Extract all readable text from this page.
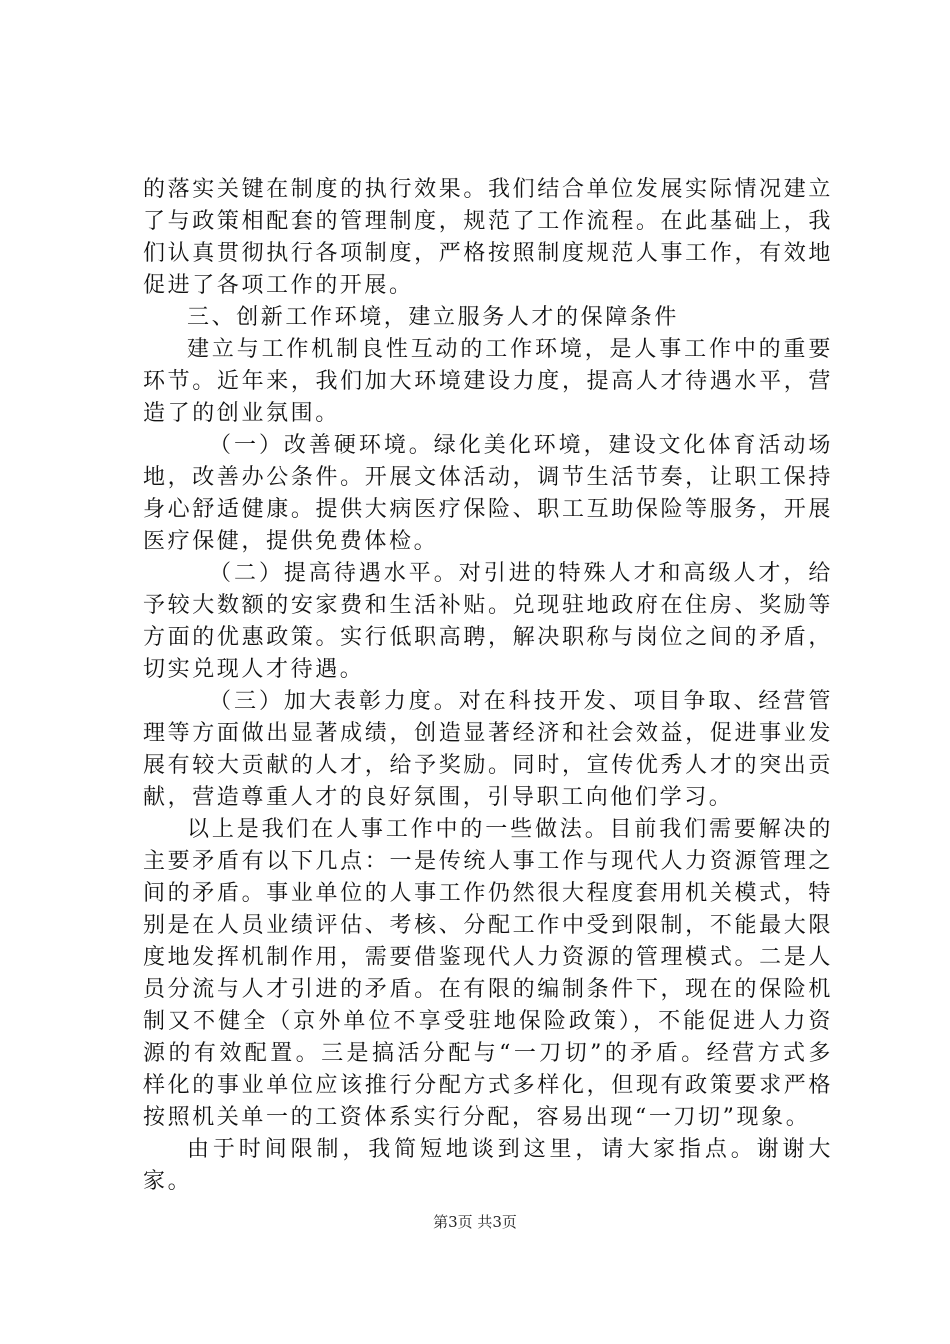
的落实关键在制度的执行效果。我们结合单位发展实际情况建立了与政策相配套的管理制度，规范了工作流程。在此基础上，我们认真贯彻执行各项制度，严格按照制度规范人事工作，有效地促进了各项工作的开展。

三、创新工作环境，建立服务人才的保障条件

建立与工作机制良性互动的工作环境，是人事工作中的重要环节。近年来，我们加大环境建设力度，提高人才待遇水平，营造了的创业氛围。

（一）改善硬环境。绿化美化环境，建设文化体育活动场地，改善办公条件。开展文体活动，调节生活节奏，让职工保持身心舒适健康。提供大病医疗保险、职工互助保险等服务，开展医疗保健，提供免费体检。

（二）提高待遇水平。对引进的特殊人才和高级人才，给予较大数额的安家费和生活补贴。兑现驻地政府在住房、奖励等方面的优惠政策。实行低职高聘，解决职称与岗位之间的矛盾，切实兑现人才待遇。

（三）加大表彰力度。对在科技开发、项目争取、经营管理等方面做出显著成绩，创造显著经济和社会效益，促进事业发展有较大贡献的人才，给予奖励。同时，宣传优秀人才的突出贡献，营造尊重人才的良好氛围，引导职工向他们学习。

以上是我们在人事工作中的一些做法。目前我们需要解决的主要矛盾有以下几点：一是传统人事工作与现代人力资源管理之间的矛盾。事业单位的人事工作仍然很大程度套用机关模式，特别是在人员业绩评估、考核、分配工作中受到限制，不能最大限度地发挥机制作用，需要借鉴现代人力资源的管理模式。二是人员分流与人才引进的矛盾。在有限的编制条件下，现在的保险机制又不健全（京外单位不享受驻地保险政策），不能促进人力资源的有效配置。三是搞活分配与“一刀切”的矛盾。经营方式多样化的事业单位应该推行分配方式多样化，但现有政策要求严格按照机关单一的工资体系实行分配，容易出现“一刀切”现象。

由于时间限制，我简短地谈到这里，请大家指点。谢谢大家。

第3页 共3页
